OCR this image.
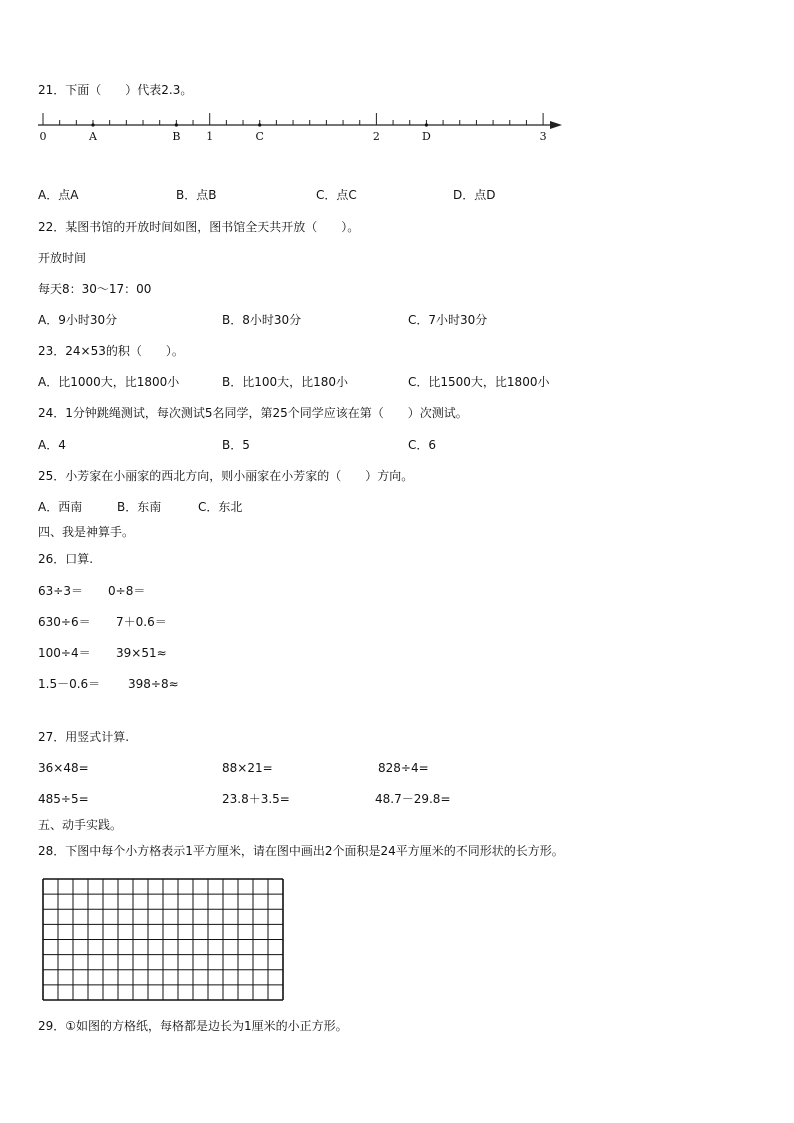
21．下面（　　）代表2.3。
0	1	2	3
A	B	C	D
A．点A	B．点B	C．点C	D．点D
22．某图书馆的开放时间如图，图书馆全天共开放（　　）。
开放时间
每天8：30～17：00
A．9小时30分	B．8小时30分	C．7小时30分
23．24×53的积（　　）。
A．比1000大，比1800小	B．比100大，比180小	C．比1500大，比1800小
24．1分钟跳绳测试，每次测试5名同学，第25个同学应该在第（　　）次测试。
A．4	B．5	C．6
25．小芳家在小丽家的西北方向，则小丽家在小芳家的（　　）方向。
A．西南	B．东南	C．东北
四、我是神算手。
26．口算.
63÷3＝ 0÷8＝
630÷6＝ 7＋0.6＝
100÷4＝ 39×51≈
1.5－0.6＝ 398÷8≈
27．用竖式计算.
36×48=	88×21=	828÷4=
485÷5=	23.8＋3.5=	48.7－29.8=
五、动手实践。
28．下图中每个小方格表示1平方厘米，请在图中画出2个面积是24平方厘米的不同形状的长方形。
29．①如图的方格纸，每格都是边长为1厘米的小正方形。
